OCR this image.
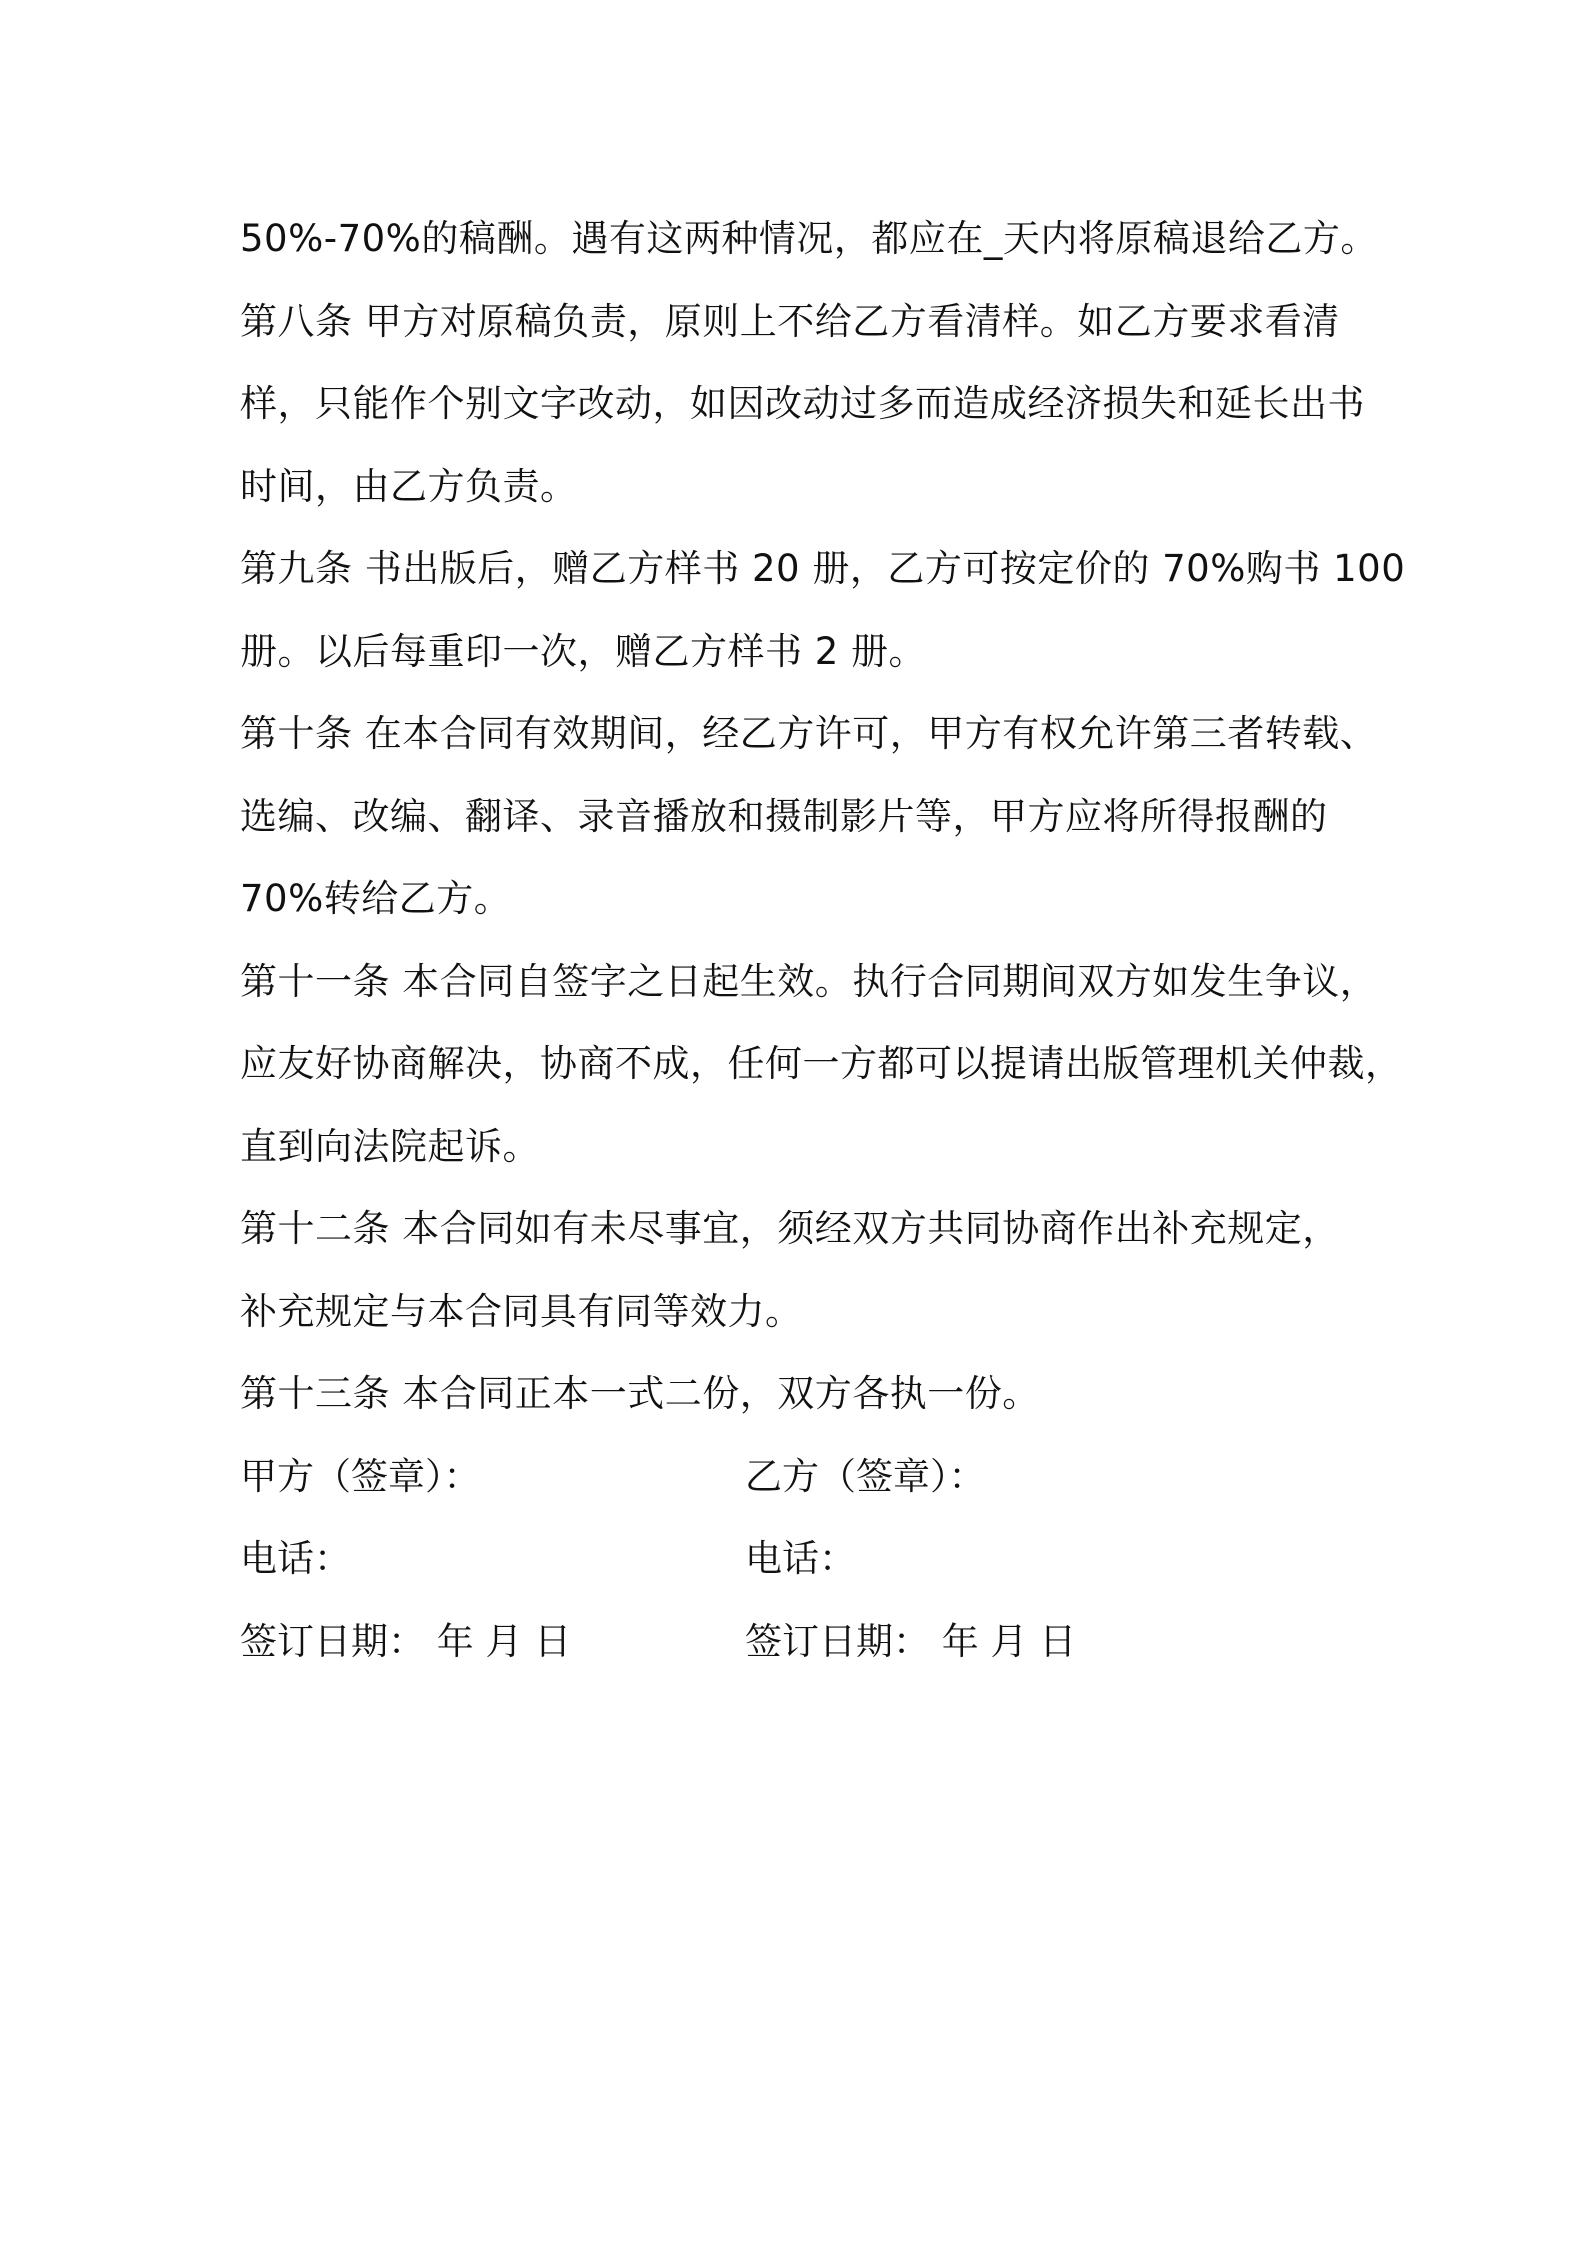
50%-70%的稿酬。遇有这两种情况，都应在_天内将原稿退给乙方。
第八条 甲方对原稿负责，原则上不给乙方看清样。如乙方要求看清
样，只能作个别文字改动，如因改动过多而造成经济损失和延长出书
时间，由乙方负责。
第九条 书出版后，赠乙方样书 20 册，乙方可按定价的 70%购书 100
册。以后每重印一次，赠乙方样书 2 册。
第十条 在本合同有效期间，经乙方许可，甲方有权允许第三者转载、
选编、改编、翻译、录音播放和摄制影片等，甲方应将所得报酬的
70%转给乙方。
第十一条 本合同自签字之日起生效。执行合同期间双方如发生争议，
应友好协商解决，协商不成，任何一方都可以提请出版管理机关仲裁，
直到向法院起诉。
第十二条 本合同如有未尽事宜，须经双方共同协商作出补充规定，
补充规定与本合同具有同等效力。
第十三条 本合同正本一式二份，双方各执一份。
甲方（签章）：	乙方（签章）：
电话：	电话：
签订日期： 年 月 日	签订日期： 年 月 日
